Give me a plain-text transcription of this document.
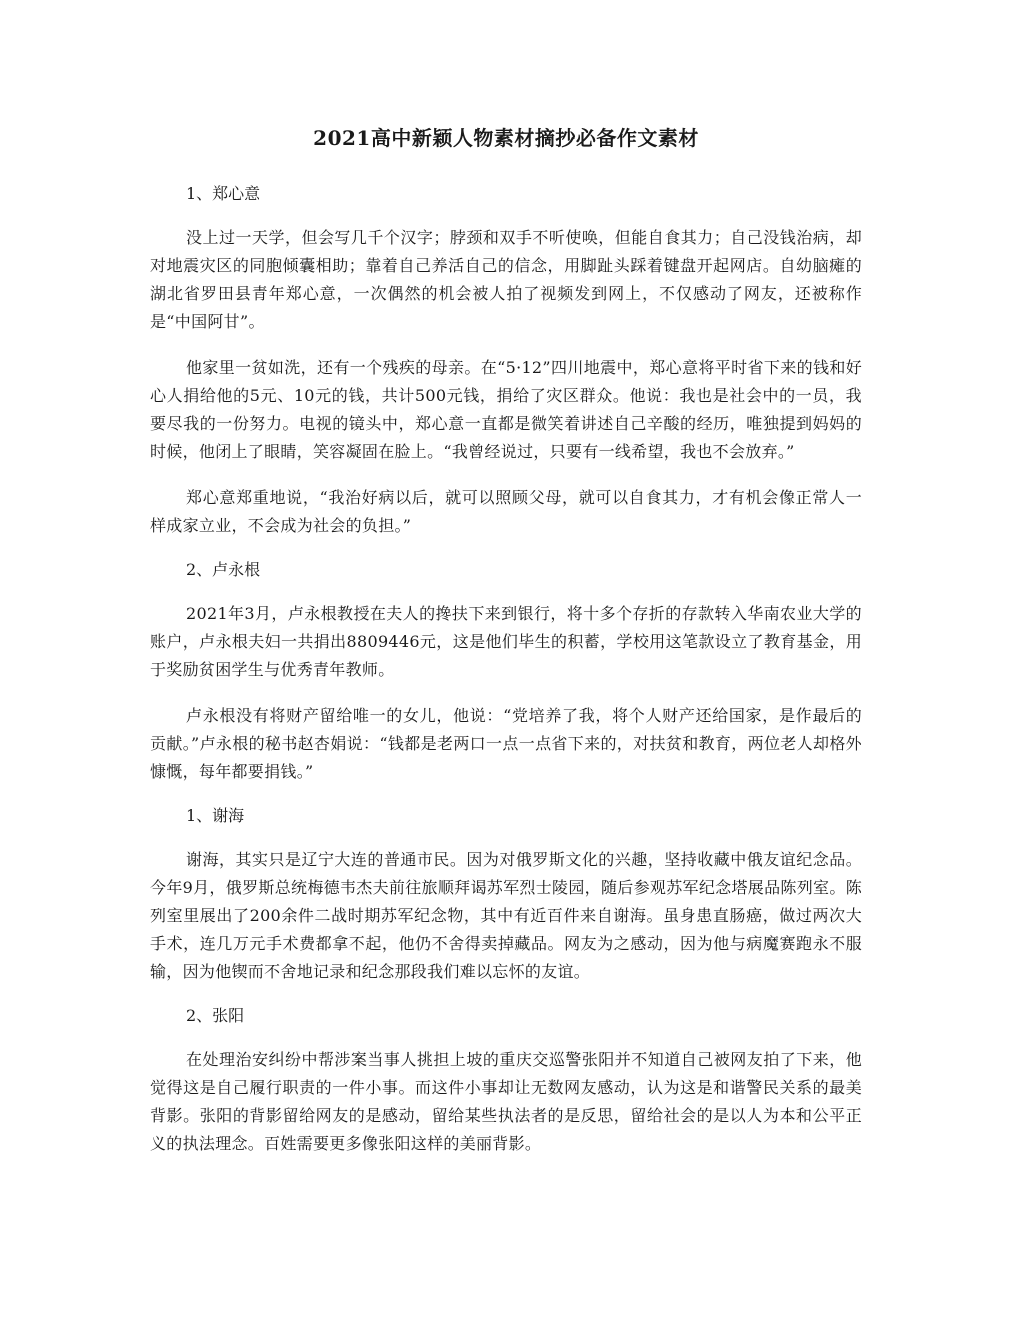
2021高中新颖人物素材摘抄必备作文素材
1、郑心意

没上过一天学，但会写几千个汉字；脖颈和双手不听使唤，但能自食其力；自己没钱治病，却对地震灾区的同胞倾囊相助；靠着自己养活自己的信念，用脚趾头踩着键盘开起网店。自幼脑瘫的湖北省罗田县青年郑心意，一次偶然的机会被人拍了视频发到网上，不仅感动了网友，还被称作是“中国阿甘”。

他家里一贫如洗，还有一个残疾的母亲。在“5·12”四川地震中，郑心意将平时省下来的钱和好心人捐给他的5元、10元的钱，共计500元钱，捐给了灾区群众。他说：我也是社会中的一员，我要尽我的一份努力。电视的镜头中，郑心意一直都是微笑着讲述自己辛酸的经历，唯独提到妈妈的时候，他闭上了眼睛，笑容凝固在脸上。“我曾经说过，只要有一线希望，我也不会放弃。”

郑心意郑重地说，“我治好病以后，就可以照顾父母，就可以自食其力，才有机会像正常人一样成家立业，不会成为社会的负担。”

2、卢永根

2021年3月，卢永根教授在夫人的搀扶下来到银行，将十多个存折的存款转入华南农业大学的账户，卢永根夫妇一共捐出8809446元，这是他们毕生的积蓄，学校用这笔款设立了教育基金，用于奖励贫困学生与优秀青年教师。

卢永根没有将财产留给唯一的女儿，他说：“党培养了我，将个人财产还给国家，是作最后的贡献。”卢永根的秘书赵杏娟说：“钱都是老两口一点一点省下来的，对扶贫和教育，两位老人却格外慷慨，每年都要捐钱。”

1、谢海

谢海，其实只是辽宁大连的普通市民。因为对俄罗斯文化的兴趣，坚持收藏中俄友谊纪念品。今年9月，俄罗斯总统梅德韦杰夫前往旅顺拜谒苏军烈士陵园，随后参观苏军纪念塔展品陈列室。陈列室里展出了200余件二战时期苏军纪念物，其中有近百件来自谢海。虽身患直肠癌，做过两次大手术，连几万元手术费都拿不起，他仍不舍得卖掉藏品。网友为之感动，因为他与病魔赛跑永不服输，因为他锲而不舍地记录和纪念那段我们难以忘怀的友谊。

2、张阳

在处理治安纠纷中帮涉案当事人挑担上坡的重庆交巡警张阳并不知道自己被网友拍了下来，他觉得这是自己履行职责的一件小事。而这件小事却让无数网友感动，认为这是和谐警民关系的最美背影。张阳的背影留给网友的是感动，留给某些执法者的是反思，留给社会的是以人为本和公平正义的执法理念。百姓需要更多像张阳这样的美丽背影。
